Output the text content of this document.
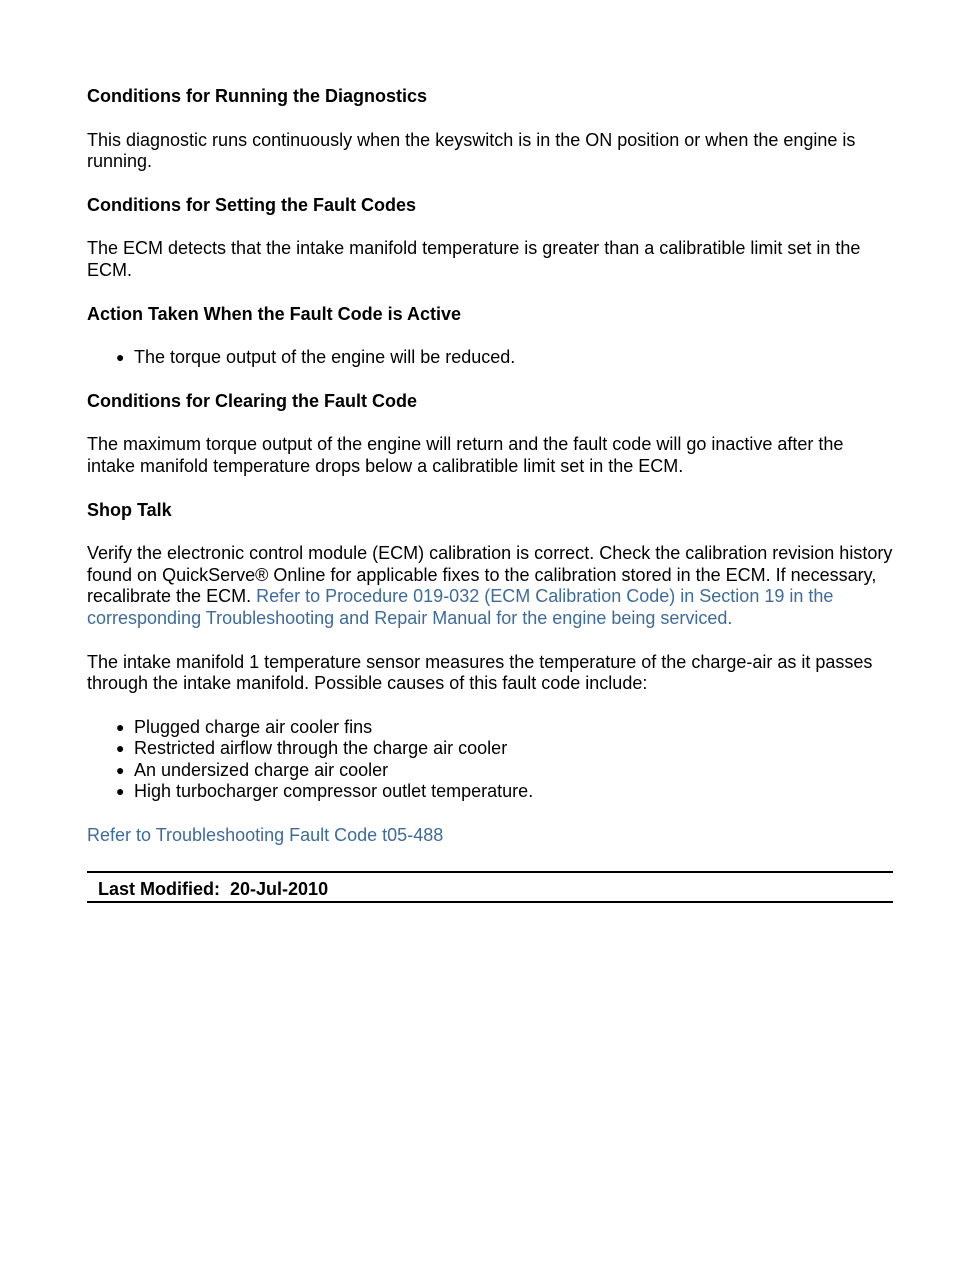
Conditions for Running the Diagnostics

This diagnostic runs continuously when the keyswitch is in the ON position or when the engine is running.

Conditions for Setting the Fault Codes

The ECM detects that the intake manifold temperature is greater than a calibratible limit set in the ECM.

Action Taken When the Fault Code is Active
● The torque output of the engine will be reduced.
Conditions for Clearing the Fault Code

The maximum torque output of the engine will return and the fault code will go inactive after the intake manifold temperature drops below a calibratible limit set in the ECM.

Shop Talk

Verify the electronic control module (ECM) calibration is correct. Check the calibration revision history found on QuickServe® Online for applicable fixes to the calibration stored in the ECM. If necessary, recalibrate the ECM. Refer to Procedure 019-032 (ECM Calibration Code) in Section 19 in the corresponding Troubleshooting and Repair Manual for the engine being serviced.

The intake manifold 1 temperature sensor measures the temperature of the charge-air as it passes through the intake manifold. Possible causes of this fault code include:

● Plugged charge air cooler fins
● Restricted airflow through the charge air cooler
● An undersized charge air cooler
● High turbocharger compressor outlet temperature.

Refer to Troubleshooting Fault Code t05-488

Last Modified: 20-Jul-2010
